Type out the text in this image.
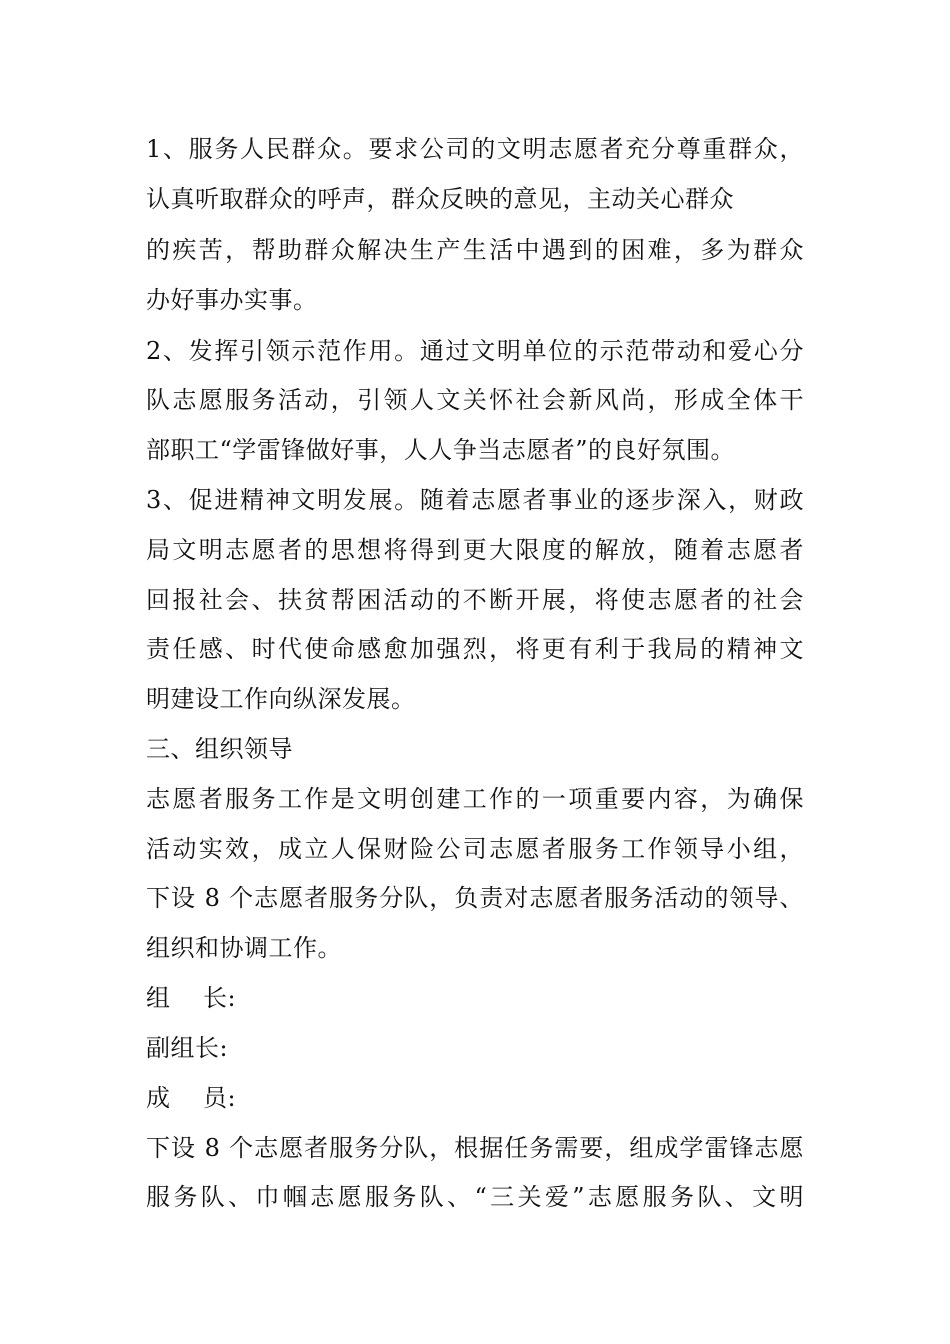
1、服务人民群众。要求公司的文明志愿者充分尊重群众，
认真听取群众的呼声，群众反映的意见，主动关心群众
的疾苦，帮助群众解决生产生活中遇到的困难，多为群众
办好事办实事。
2、发挥引领示范作用。通过文明单位的示范带动和爱心分
队志愿服务活动，引领人文关怀社会新风尚，形成全体干
部职工“学雷锋做好事，人人争当志愿者”的良好氛围。
3、促进精神文明发展。随着志愿者事业的逐步深入，财政
局文明志愿者的思想将得到更大限度的解放，随着志愿者
回报社会、扶贫帮困活动的不断开展，将使志愿者的社会
责任感、时代使命感愈加强烈，将更有利于我局的精神文
明建设工作向纵深发展。
三、组织领导
志愿者服务工作是文明创建工作的一项重要内容，为确保
活动实效，成立人保财险公司志愿者服务工作领导小组，
下设 8 个志愿者服务分队，负责对志愿者服务活动的领导、
组织和协调工作。
组    长:
副组长:
成    员:
下设 8 个志愿者服务分队，根据任务需要，组成学雷锋志愿
服务队、巾帼志愿服务队、“三关爱”志愿服务队、文明
